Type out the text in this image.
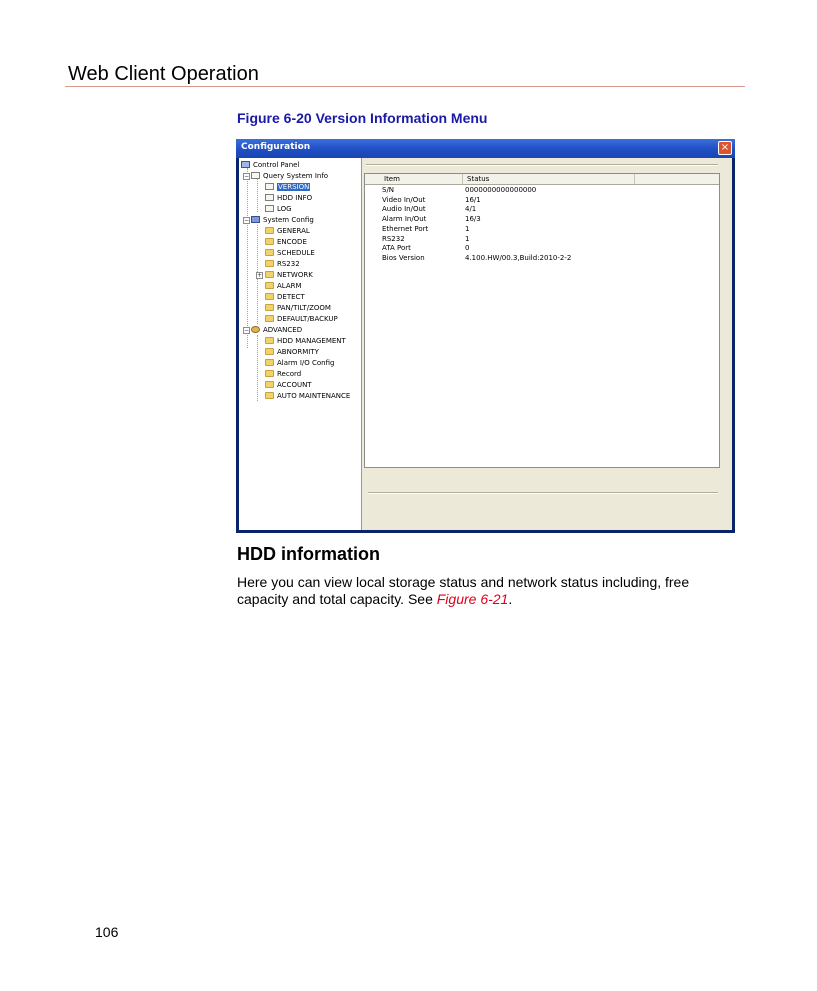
Web Client Operation
Figure 6-20 Version Information Menu
Configuration	×
Control Panel
Query System Info
−
VERSION
HDD INFO
LOG
System Config
−
GENERAL
ENCODE
SCHEDULE
RS232
NETWORK
+
ALARM
DETECT
PAN/TILT/ZOOM
DEFAULT/BACKUP
ADVANCED
−
HDD MANAGEMENT
ABNORMITY
Alarm I/O Config
Record
ACCOUNT
AUTO MAINTENANCE
Item	Status
S/N	0000000000000000
Video In/Out	16/1
Audio In/Out	4/1
Alarm In/Out	16/3
Ethernet Port	1
RS232	1
ATA Port	0
Bios Version	4.100.HW/00.3,Build:2010-2-2
HDD information
Here you can view local storage status and network status including, free capacity and total capacity. See Figure 6-21.
106
